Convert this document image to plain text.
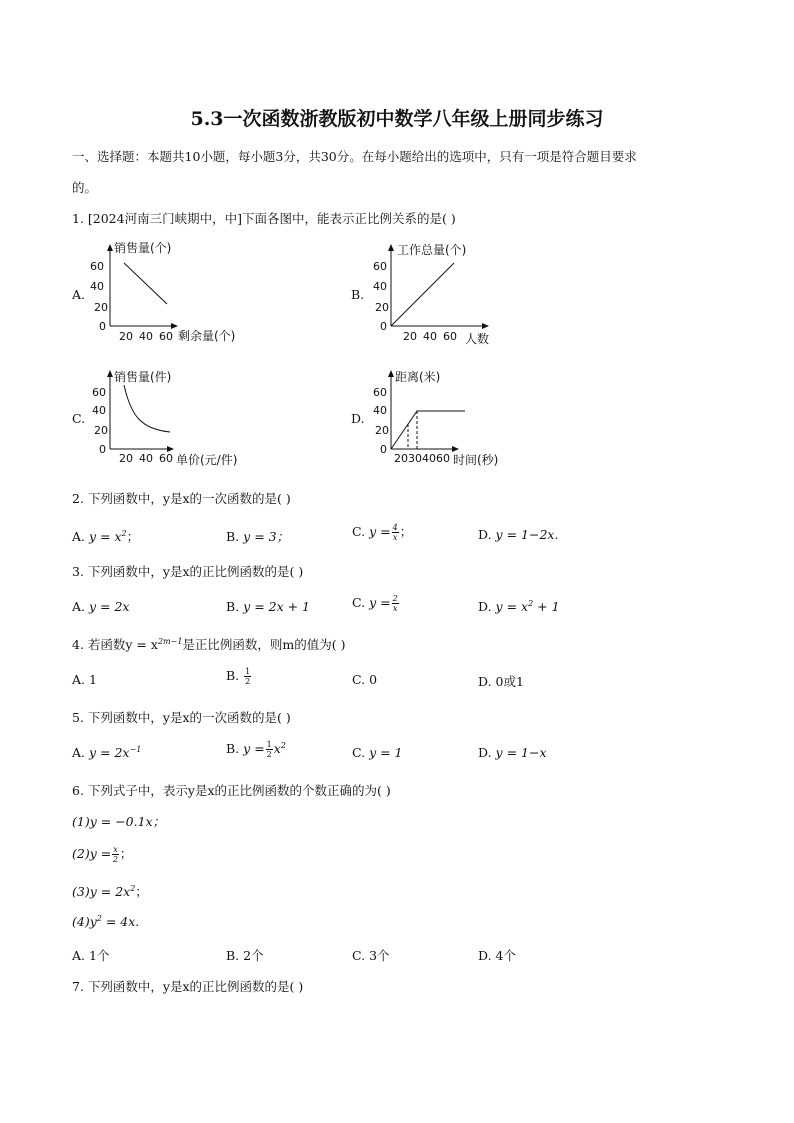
5.3一次函数浙教版初中数学八年级上册同步练习
一、选择题：本题共10小题，每小题3分，共30分。在每小题给出的选项中，只有一项是符合题目要求
的。
1. [2024河南三门峡期中，中]下面各图中，能表示正比例关系的是( )
A.
销售量(个)
60
40
20
0
20 40 60 剩余量(个)
B.
工作总量(个)
60
40
20
0
20 40 60 人数
C.
销售量(件)
60
40
20
0
20 40 60 单价(元/件)
D.
距离(米)
60
40
20
0
203040 60 时间(秒)
2. 下列函数中，y是x的一次函数的是( )
A. $y = x^2$；	B. y = 3；	C. $y = \frac{4}{x}$ ；	D. y = 1−2x.
3. 下列函数中，y是x的正比例函数的是( )
A. y = 2x	B. y = 2x + 1	C. $y = \frac{2}{x}$	D. $y = x^2 + 1$
4. 若函数$y = x^{2m-1}$是正比例函数，则m的值为( )
A. 1	B. $\frac{1}{2}$	C. 0	D. 0或1
5. 下列函数中，y是x的一次函数的是( )
A. $y = 2x^{-1}$	B. $y = \frac{1}{2} x^2$	C. y = 1	D. y = 1−x
6. 下列式子中，表示y是x的正比例函数的个数正确的为( )
(1)y = −0.1x；
$(2)y = \frac{x}{2}$ ；
$(3)y = 2x^2$；
$(4)y^2 = 4x$.
A. 1个	B. 2个	C. 3个	D. 4个
7. 下列函数中，y是x的正比例函数的是( )
